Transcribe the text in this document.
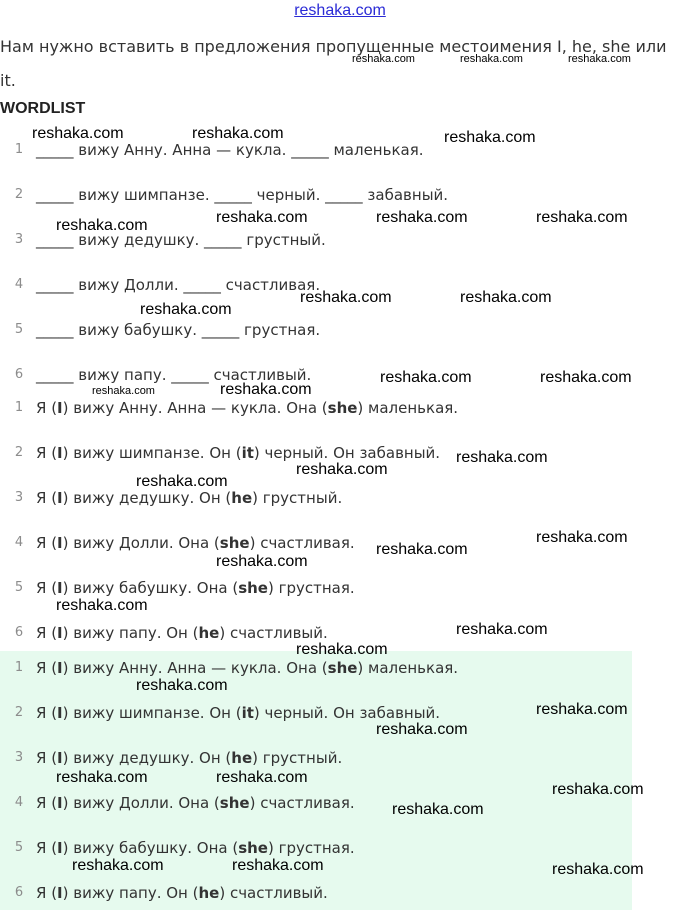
reshaka.com
Нам нужно вставить в предложения пропущенные местоимения I, he, she или it.
WORDLIST
1 _____ вижу Анну. Анна — кукла. _____ маленькая.
2 _____ вижу шимпанзе. _____ черный. _____ забавный.
3 _____ вижу дедушку. _____ грустный.
4 _____ вижу Долли. _____ счастливая.
5 _____ вижу бабушку. _____ грустная.
6 _____ вижу папу. _____ счастливый.
1 Я (I) вижу Анну. Анна — кукла. Она (she) маленькая.
2 Я (I) вижу шимпанзе. Он (it) черный. Он забавный.
3 Я (I) вижу дедушку. Он (he) грустный.
4 Я (I) вижу Долли. Она (she) счастливая.
5 Я (I) вижу бабушку. Она (she) грустная.
6 Я (I) вижу папу. Он (he) счастливый.
1 Я (I) вижу Анну. Анна — кукла. Она (she) маленькая.
2 Я (I) вижу шимпанзе. Он (it) черный. Он забавный.
3 Я (I) вижу дедушку. Он (he) грустный.
4 Я (I) вижу Долли. Она (she) счастливая.
5 Я (I) вижу бабушку. Она (she) грустная.
6 Я (I) вижу папу. Он (he) счастливый.
reshaka.com	reshaka.com	reshaka.com
reshaka.com	reshaka.com	reshaka.com
reshaka.com	reshaka.com	reshaka.com	reshaka.com
reshaka.com
reshaka.com	reshaka.com
reshaka.com	reshaka.com
reshaka.com	reshaka.com
reshaka.com
reshaka.com
reshaka.com
reshaka.com
reshaka.com
reshaka.com
reshaka.com
reshaka.com
reshaka.com
reshaka.com
reshaka.com
reshaka.com
reshaka.com	reshaka.com
reshaka.com
reshaka.com
reshaka.com	reshaka.com	reshaka.com
